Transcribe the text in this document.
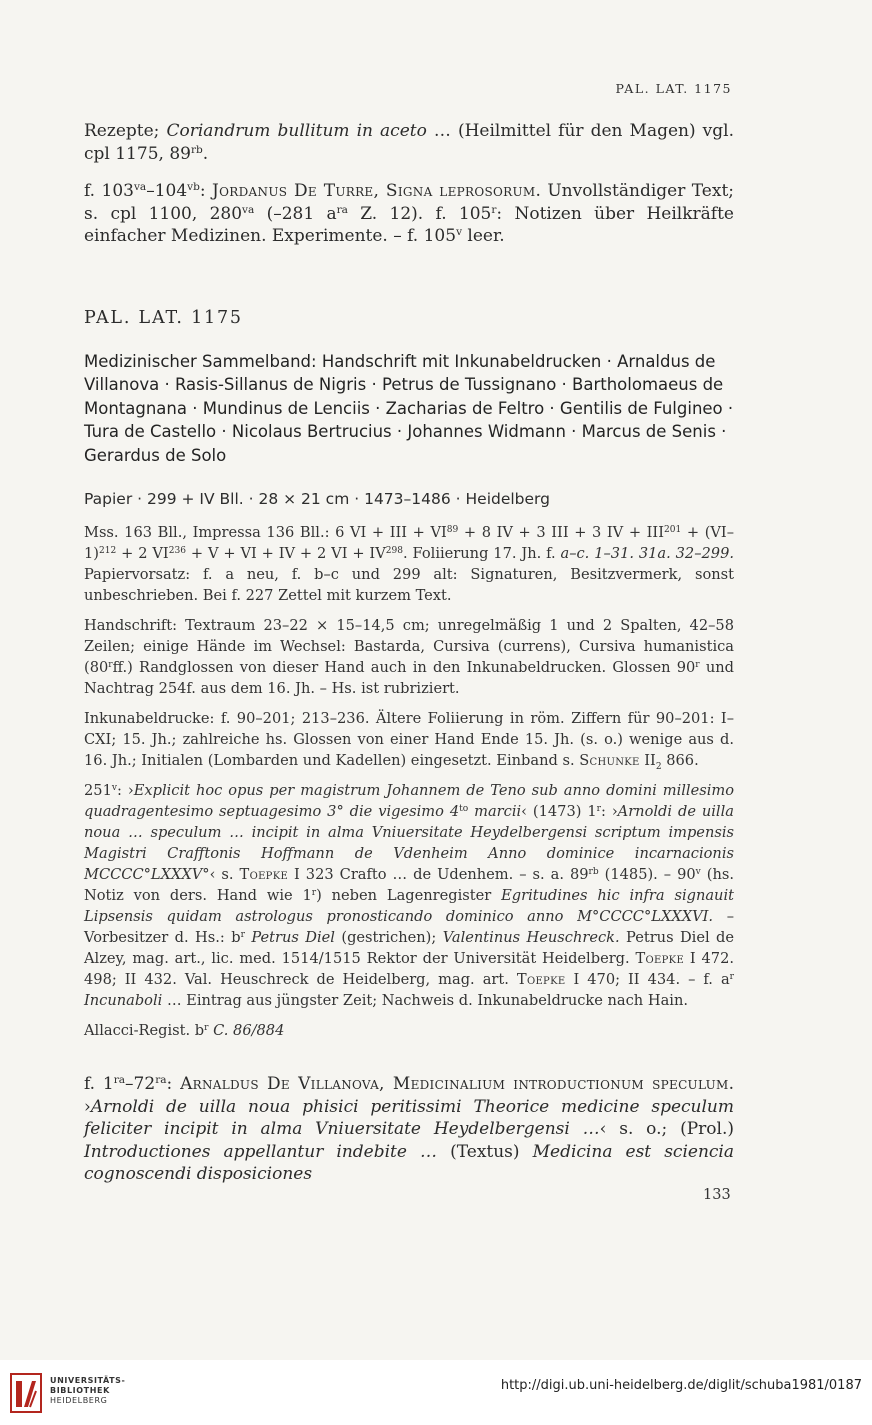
PAL. LAT. 1175
Rezepte; Coriandrum bullitum in aceto … (Heilmittel für den Magen) vgl. cpl 1175, $89^{rb}$.
f. $103^{va}-104^{vb}$: Jordanus De Turre, Signa leprosorum. Unvollständiger Text; s. cpl 1100, $280^{va}$ (–281 $a^{ra}$ Z. 12). f. 105$^r$: Notizen über Heilkräfte einfacher Medizinen. Experimente. – f. 105$^v$ leer.
PAL. LAT. 1175
Medizinischer Sammelband: Handschrift mit Inkunabeldrucken · Arnaldus de Villanova · Rasis-Sillanus de Nigris · Petrus de Tussignano · Bartholomaeus de Montagnana · Mundinus de Lenciis · Zacharias de Feltro · Gentilis de Fulgineo · Tura de Castello · Nicolaus Bertrucius · Johannes Widmann · Marcus de Senis · Gerardus de Solo
Papier · 299 + IV Bll. · 28 × 21 cm · 1473–1486 · Heidelberg

Mss. 163 Bll., Impressa 136 Bll.: 6 VI + III + $VI^{89} + 8$ IV + 3 III + 3 IV + $III^{201} + (VI-1)^{212} + 2$ $VI^{236} + V$ + VI + IV + 2 VI + $IV^{298}$. Foliierung 17. Jh. f. a–c. 1–31. 31a. 32–299. Papiervorsatz: f. a neu, f. b–c und 299 alt: Signaturen, Besitzvermerk, sonst unbeschrieben. Bei f. 227 Zettel mit kurzem Text.

Handschrift: Textraum 23–22 × 15–14,5 cm; unregelmäßig 1 und 2 Spalten, 42–58 Zeilen; einige Hände im Wechsel: Bastarda, Cursiva (currens), Cursiva humanistica (80$^r$ff.) Randglossen von dieser Hand auch in den Inkunabeldrucken. Glossen 90$^r$ und Nachtrag 254f. aus dem 16. Jh. – Hs. ist rubriziert.

Inkunabeldrucke: f. 90–201; 213–236. Ältere Foliierung in röm. Ziffern für 90–201: I–CXI; 15. Jh.; zahlreiche hs. Glossen von einer Hand Ende 15. Jh. (s. o.) wenige aus d. 16. Jh.; Initialen (Lombarden und Kadellen) eingesetzt. Einband s. Schunke $II_2$ 866.

251$^v$: ›Explicit hoc opus per magistrum Johannem de Teno sub anno domini millesimo quadragentesimo septuagesimo 3° die vigesimo $4^{to}$ marcii‹ (1473) 1$^r$: ›Arnoldi de uilla noua … speculum … incipit in alma Vniuersitate Heydelbergensi scriptum impensis Magistri Crafftonis Hoffmann de Vdenheim Anno dominice incarnacionis MCCCC°LXXXV°‹ s. Toepke I 323 Crafto … de Udenhem. – s. a. $89^{rb}$ (1485). – 90$^v$ (hs. Notiz von ders. Hand wie 1$^r$) neben Lagenregister Egritudines hic infra signauit Lipsensis quidam astrologus pronosticando dominico anno M°CCCC°LXXXVI. – Vorbesitzer d. Hs.: $b^r$ Petrus Diel (gestrichen); Valentinus Heuschreck. Petrus Diel de Alzey, mag. art., lic. med. 1514/1515 Rektor der Universität Heidelberg. Toepke I 472. 498; II 432. Val. Heuschreck de Heidelberg, mag. art. Toepke I 470; II 434. – f. $a^r$ Incunaboli … Eintrag aus jüngster Zeit; Nachweis d. Inkunabeldrucke nach Hain.

Allacci-Regist. $b^r$ C. 86/884

f. $1^{ra}-72^{ra}$: Arnaldus De Villanova, Medicinalium introductionum speculum. ›Arnoldi de uilla noua phisici peritissimi Theorice medicine speculum feliciter incipit in alma Vniuersitate Heydelbergensi …‹ s. o.; (Prol.) Introductiones appellantur indebite … (Textus) Medicina est sciencia cognoscendi disposiciones
133
UNIVERSITÄTS-
BIBLIOTHEK
HEIDELBERG
http://digi.ub.uni-heidelberg.de/diglit/schuba1981/0187
